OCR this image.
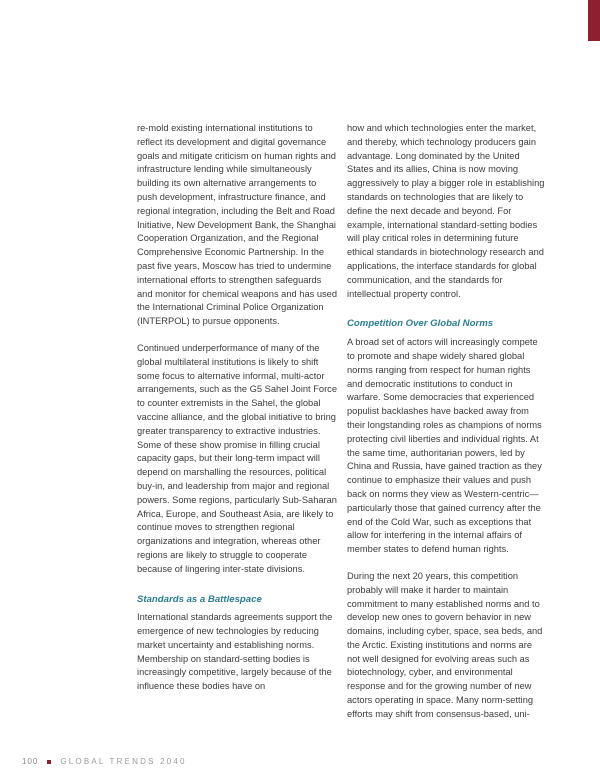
re-mold existing international institutions to reflect its development and digital governance goals and mitigate criticism on human rights and infrastructure lending while simultaneously building its own alternative arrangements to push development, infrastructure finance, and regional integration, including the Belt and Road Initiative, New Development Bank, the Shanghai Cooperation Organization, and the Regional Comprehensive Economic Partnership. In the past five years, Moscow has tried to undermine international efforts to strengthen safeguards and monitor for chemical weapons and has used the International Criminal Police Organization (INTERPOL) to pursue opponents.

Continued underperformance of many of the global multilateral institutions is likely to shift some focus to alternative informal, multi-actor arrangements, such as the G5 Sahel Joint Force to counter extremists in the Sahel, the global vaccine alliance, and the global initiative to bring greater transparency to extractive industries. Some of these show promise in filling crucial capacity gaps, but their long-term impact will depend on marshalling the resources, political buy-in, and leadership from major and regional powers. Some regions, particularly Sub-Saharan Africa, Europe, and Southeast Asia, are likely to continue moves to strengthen regional organizations and integration, whereas other regions are likely to struggle to cooperate because of lingering inter-state divisions.

Standards as a Battlespace

International standards agreements support the emergence of new technologies by reducing market uncertainty and establishing norms. Membership on standard-setting bodies is increasingly competitive, largely because of the influence these bodies have on

how and which technologies enter the market, and thereby, which technology producers gain advantage. Long dominated by the United States and its allies, China is now moving aggressively to play a bigger role in establishing standards on technologies that are likely to define the next decade and beyond. For example, international standard-setting bodies will play critical roles in determining future ethical standards in biotechnology research and applications, the interface standards for global communication, and the standards for intellectual property control.

Competition Over Global Norms

A broad set of actors will increasingly compete to promote and shape widely shared global norms ranging from respect for human rights and democratic institutions to conduct in warfare. Some democracies that experienced populist backlashes have backed away from their longstanding roles as champions of norms protecting civil liberties and individual rights. At the same time, authoritarian powers, led by China and Russia, have gained traction as they continue to emphasize their values and push back on norms they view as Western-centric—particularly those that gained currency after the end of the Cold War, such as exceptions that allow for interfering in the internal affairs of member states to defend human rights.

During the next 20 years, this competition probably will make it harder to maintain commitment to many established norms and to develop new ones to govern behavior in new domains, including cyber, space, sea beds, and the Arctic. Existing institutions and norms are not well designed for evolving areas such as biotechnology, cyber, and environmental response and for the growing number of new actors operating in space. Many norm-setting efforts may shift from consensus-based, uni-

100	GLOBAL TRENDS 2040
